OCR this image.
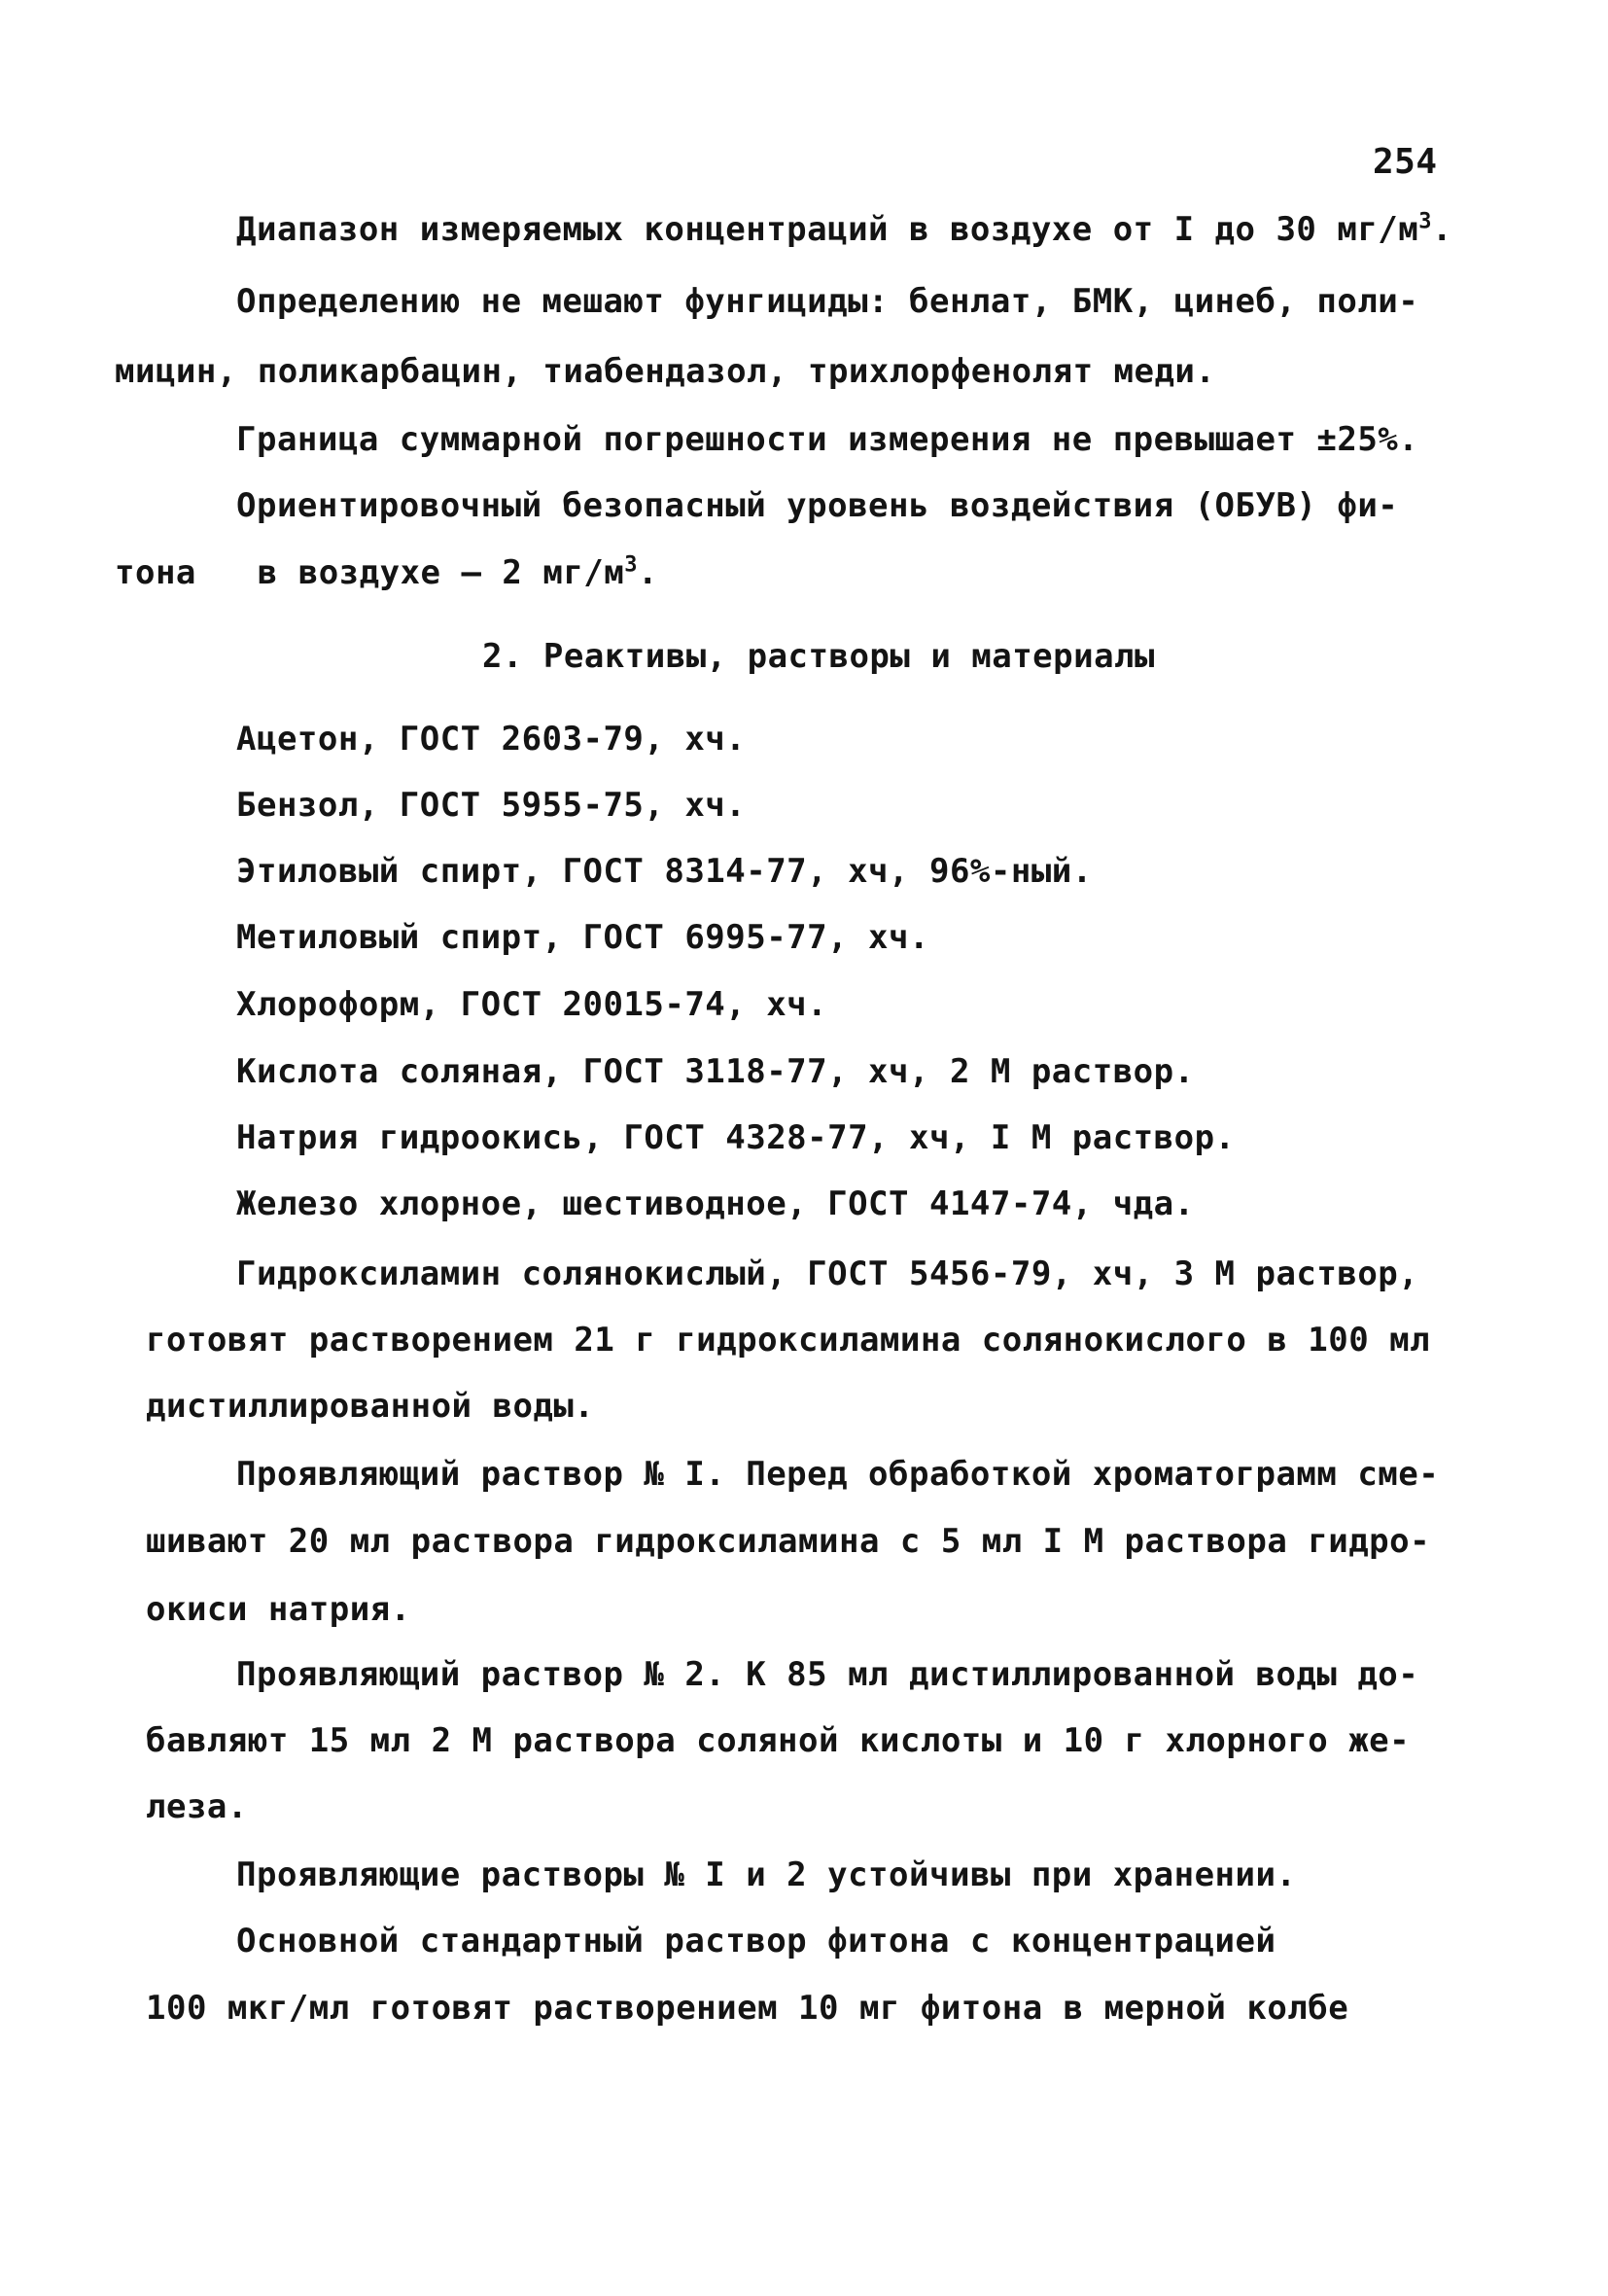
254
Диапазон измеряемых концентраций в воздухе от I до 30 $мг/м^3$.
Определению не мешают фунгициды: бенлат, БМК, цинеб, поли-
мицин, поликарбацин, тиабендазол, трихлорфенолят меди.
Граница суммарной погрешности измерения не превышает ±25%.
Ориентировочный безопасный уровень воздействия (ОБУВ) фи-
тона   в воздухе – 2 $мг/м^3$.
2. Реактивы, растворы и материалы
Ацетон, ГОСТ 2603-79, хч.
Бензол, ГОСТ 5955-75, хч.
Этиловый спирт, ГОСТ 8314-77, хч, 96%-ный.
Метиловый спирт, ГОСТ 6995-77, хч.
Хлороформ, ГОСТ 20015-74, хч.
Кислота соляная, ГОСТ 3118-77, хч, 2 М раствор.
Натрия гидроокись, ГОСТ 4328-77, хч, I М раствор.
Железо хлорное, шестиводное, ГОСТ 4147-74, чда.
Гидроксиламин солянокислый, ГОСТ 5456-79, хч, 3 М раствор,
готовят растворением 21 г гидроксиламина солянокислого в 100 мл
дистиллированной воды.
Проявляющий раствор № I. Перед обработкой хроматограмм сме-
шивают 20 мл раствора гидроксиламина с 5 мл I М раствора гидро-
окиси натрия.
Проявляющий раствор № 2. К 85 мл дистиллированной воды до-
бавляют 15 мл 2 М раствора соляной кислоты и 10 г хлорного же-
леза.
Проявляющие растворы № I и 2 устойчивы при хранении.
Основной стандартный раствор фитона с концентрацией
100 мкг/мл готовят растворением 10 мг фитона в мерной колбе
